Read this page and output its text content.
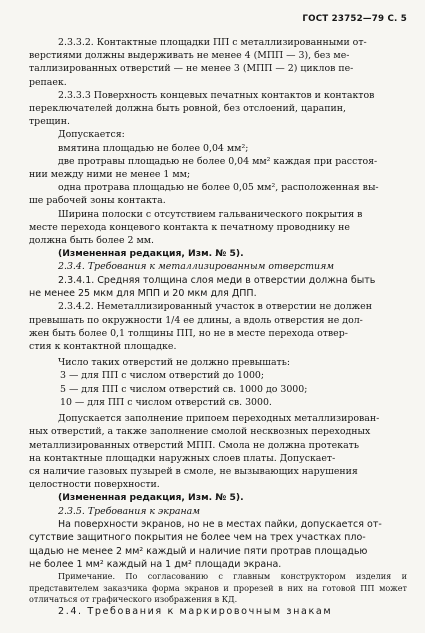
ГОСТ 23752—79 С. 5

2.3.3.2. Контактные площадки ПП с металлизированными от-

верстиями должны выдерживать не менее 4 (МПП — 3), без ме-

таллизированных отверстий — не менее 3 (МПП — 2) циклов пе-

репаек.

2.3.3.3 Поверхность концевых печатных контактов и контактов

переключателей должна быть ровной, без отслоений, царапин,

трещин.

Допускается:

вмятина площадью не более 0,04 мм²;

две протравы площадью не более 0,04 мм² каждая при расстоя-

нии между ними не менее 1 мм;

одна протрава площадью не более 0,05 мм², расположенная вы-

ше рабочей зоны контакта.

Ширина полоски с отсутствием гальванического покрытия в

месте перехода концевого контакта к печатному проводнику не

должна быть более 2 мм.

(Измененная редакция, Изм. № 5).

2.3.4. Требования к металлизированным отверстиям

2.3.4.1. Средняя толщина слоя меди в отверстии должна быть

не менее 25 мкм для МПП и 20 мкм для ДПП.

2.3.4.2. Неметаллизированный участок в отверстии не должен

превышать по окружности 1/4 ее длины, а вдоль отверстия не дол-

жен быть более 0,1 толщины ПП, но не в месте перехода отвер-

стия к контактной площадке.

Число таких отверстий не должно превышать:

3 — для ПП с числом отверстий до 1000;

5 — для ПП с числом отверстий св. 1000 до 3000;

10 — для ПП с числом отверстий св. 3000.

Допускается заполнение припоем переходных металлизирован-

ных отверстий, а также заполнение смолой несквозных переходных

металлизированных отверстий МПП. Смола не должна протекать

на контактные площадки наружных слоев платы. Допускает-

ся наличие газовых пузырей в смоле, не вызывающих нарушения

целостности поверхности.

(Измененная редакция, Изм. № 5).

2.3.5. Требования к экранам

На поверхности экранов, но не в местах пайки, допускается от-

сутствие защитного покрытия не более чем на трех участках пло-

щадью не менее 2 мм² каждый и наличие пяти протрав площадью

не более 1 мм² каждый на 1 дм² площади экрана.

Примечание. По согласованию с главным конструктором изделия и представителем заказчика форма экранов и прорезей в них на готовой ПП может отличаться от графического изображения в КД.

2.4. Требования к маркировочным знакам
